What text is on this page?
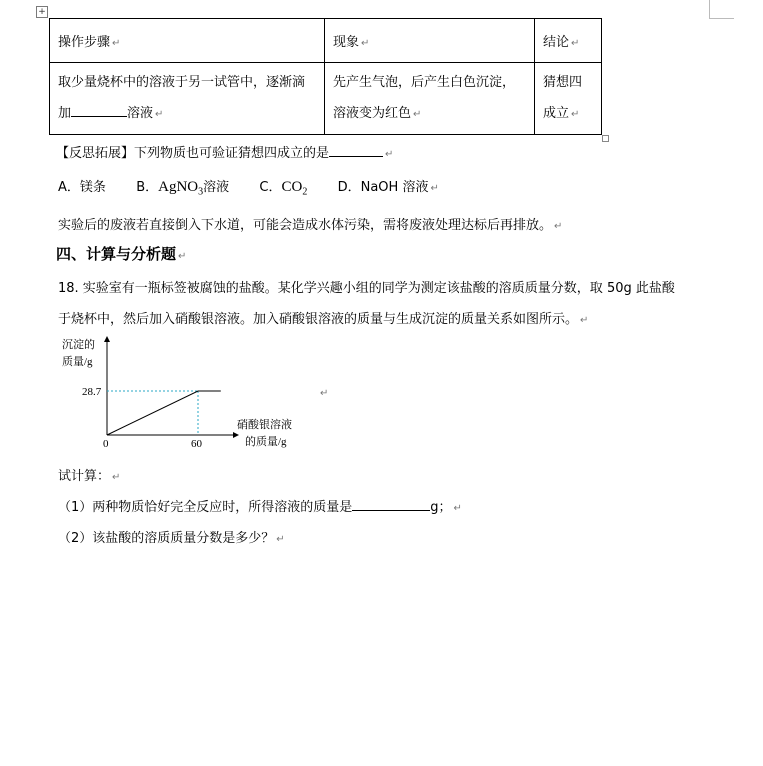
+
操作步骤 ↵	现象 ↵	结论 ↵
取少量烧杯中的溶液于另一试管中，逐渐滴
加 溶液 ↵	先产生气泡，后产生白色沉淀，
溶液变为红色 ↵	猜想四
成立 ↵
【反思拓展】下列物质也可验证猜想四成立的是	↵
A．镁条 B．AgNO$_3$溶液 C．$CO_2$ D．NaOH 溶液 ↵
实验后的废液若直接倒入下水道，可能会造成水体污染，需将废液处理达标后再排放。 ↵
四、计算与分析题 ↵
18. 实验室有一瓶标签被腐蚀的盐酸。某化学兴趣小组的同学为测定该盐酸的溶质质量分数，取 50g 此盐酸
于烧杯中，然后加入硝酸银溶液。加入硝酸银溶液的质量与生成沉淀的质量关系如图所示。 ↵
沉淀的
质量/g
硝酸银溶液
的质量/g
0	60
28.7	↵
试计算： ↵
（1）两种物质恰好完全反应时，所得溶液的质量是	g； ↵
（2）该盐酸的溶质质量分数是多少？ ↵
